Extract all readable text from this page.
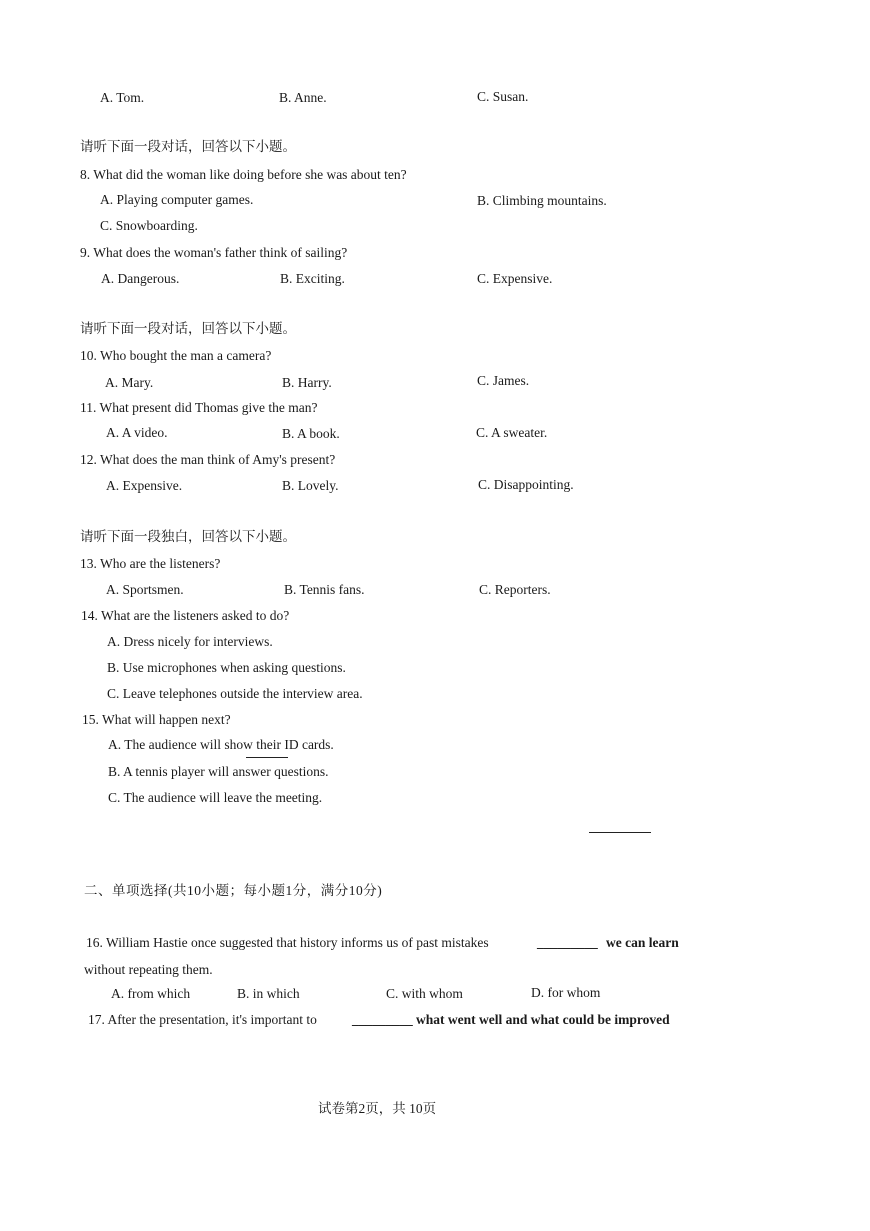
A. Tom.	B. Anne.	C. Susan.
请听下面一段对话，回答以下小题。
8. What did the woman like doing before she was about ten?
A. Playing computer games.	B. Climbing mountains.
C. Snowboarding.
9. What does the woman's father think of sailing?
A. Dangerous.	B. Exciting.	C. Expensive.
请听下面一段对话，回答以下小题。
10. Who bought the man a camera?
A. Mary.	B. Harry.	C. James.
11. What present did Thomas give the man?
A. A video.	B. A book.	C. A sweater.
12. What does the man think of Amy's present?
A. Expensive.	B. Lovely.	C. Disappointing.
请听下面一段独白，回答以下小题。
13. Who are the listeners?
A. Sportsmen.	B. Tennis fans.	C. Reporters.
14. What are the listeners asked to do?
A. Dress nicely for interviews.
B. Use microphones when asking questions.
C. Leave telephones outside the interview area.
15. What will happen next?
A. The audience will show their ID cards.
B. A tennis player will answer questions.
C. The audience will leave the meeting.
二、单项选择(共10小题；每小题1分，满分10分)
16. William Hastie once suggested that history informs us of past mistakes	_________ we can learn
without repeating them.
A. from which	B. in which	C. with whom	D. for whom
17. After the presentation, it's important to	_________ what went well and what could be improved
试卷第2页，共 10页
